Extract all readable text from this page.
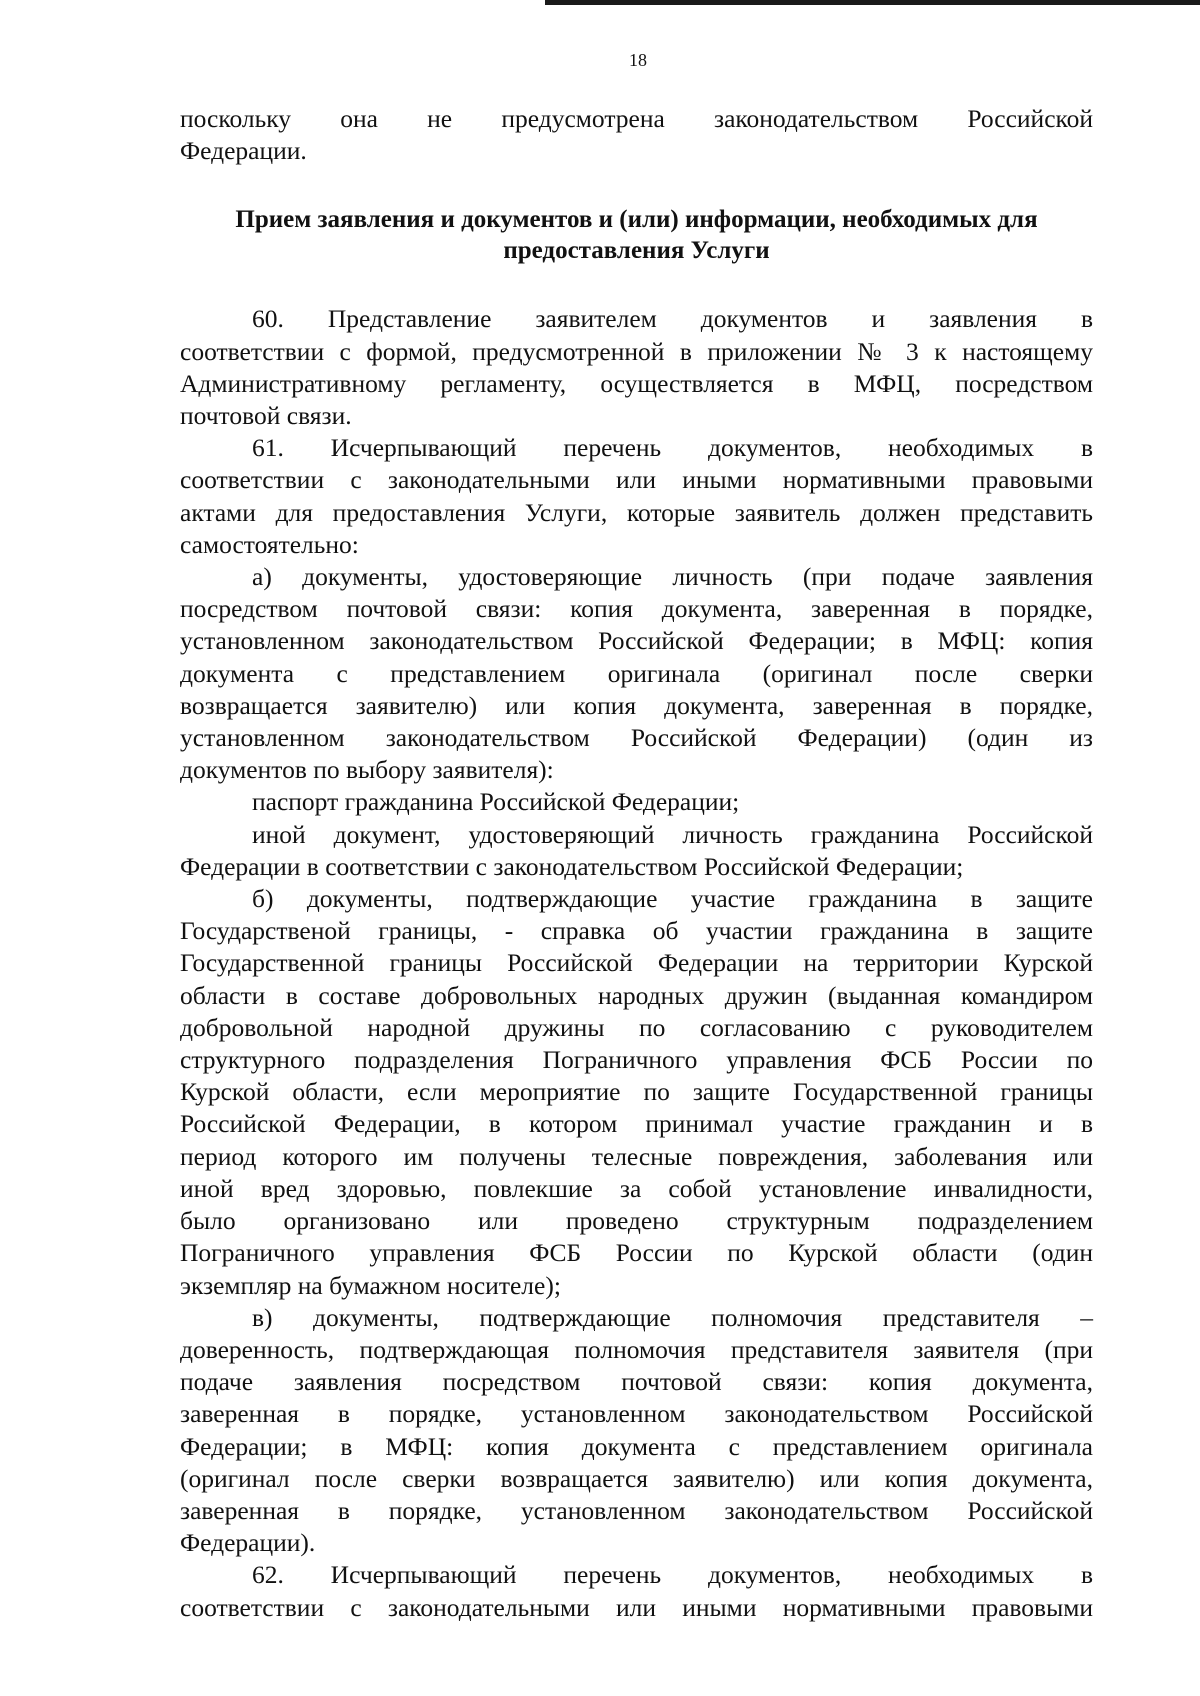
18

поскольку она не предусмотрена законодательством Российской

Федерации.

Прием заявления и документов и (или) информации, необходимых для
предоставления Услуги

60. Представление заявителем документов и заявления в

соответствии с формой, предусмотренной в приложении № 3 к настоящему

Административному регламенту, осуществляется в МФЦ, посредством

почтовой связи.

61. Исчерпывающий перечень документов, необходимых в

соответствии с законодательными или иными нормативными правовыми

актами для предоставления Услуги, которые заявитель должен представить

самостоятельно:

а) документы, удостоверяющие личность (при подаче заявления

посредством почтовой связи: копия документа, заверенная в порядке,

установленном законодательством Российской Федерации; в МФЦ: копия

документа с представлением оригинала (оригинал после сверки

возвращается заявителю) или копия документа, заверенная в порядке,

установленном законодательством Российской Федерации) (один из

документов по выбору заявителя):

паспорт гражданина Российской Федерации;

иной документ, удостоверяющий личность гражданина Российской

Федерации в соответствии с законодательством Российской Федерации;

б) документы, подтверждающие участие гражданина в защите

Государственой границы, - справка об участии гражданина в защите

Государственной границы Российской Федерации на территории Курской

области в составе добровольных народных дружин (выданная командиром

добровольной народной дружины по согласованию с руководителем

структурного подразделения Пограничного управления ФСБ России по

Курской области, если мероприятие по защите Государственной границы

Российской Федерации, в котором принимал участие гражданин и в

период которого им получены телесные повреждения, заболевания или

иной вред здоровью, повлекшие за собой установление инвалидности,

было организовано или проведено структурным подразделением

Пограничного управления ФСБ России по Курской области (один

экземпляр на бумажном носителе);

в) документы, подтверждающие полномочия представителя –

доверенность, подтверждающая полномочия представителя заявителя (при

подаче заявления посредством почтовой связи: копия документа,

заверенная в порядке, установленном законодательством Российской

Федерации; в МФЦ: копия документа с представлением оригинала

(оригинал после сверки возвращается заявителю) или копия документа,

заверенная в порядке, установленном законодательством Российской

Федерации).

62. Исчерпывающий перечень документов, необходимых в

соответствии с законодательными или иными нормативными правовыми
